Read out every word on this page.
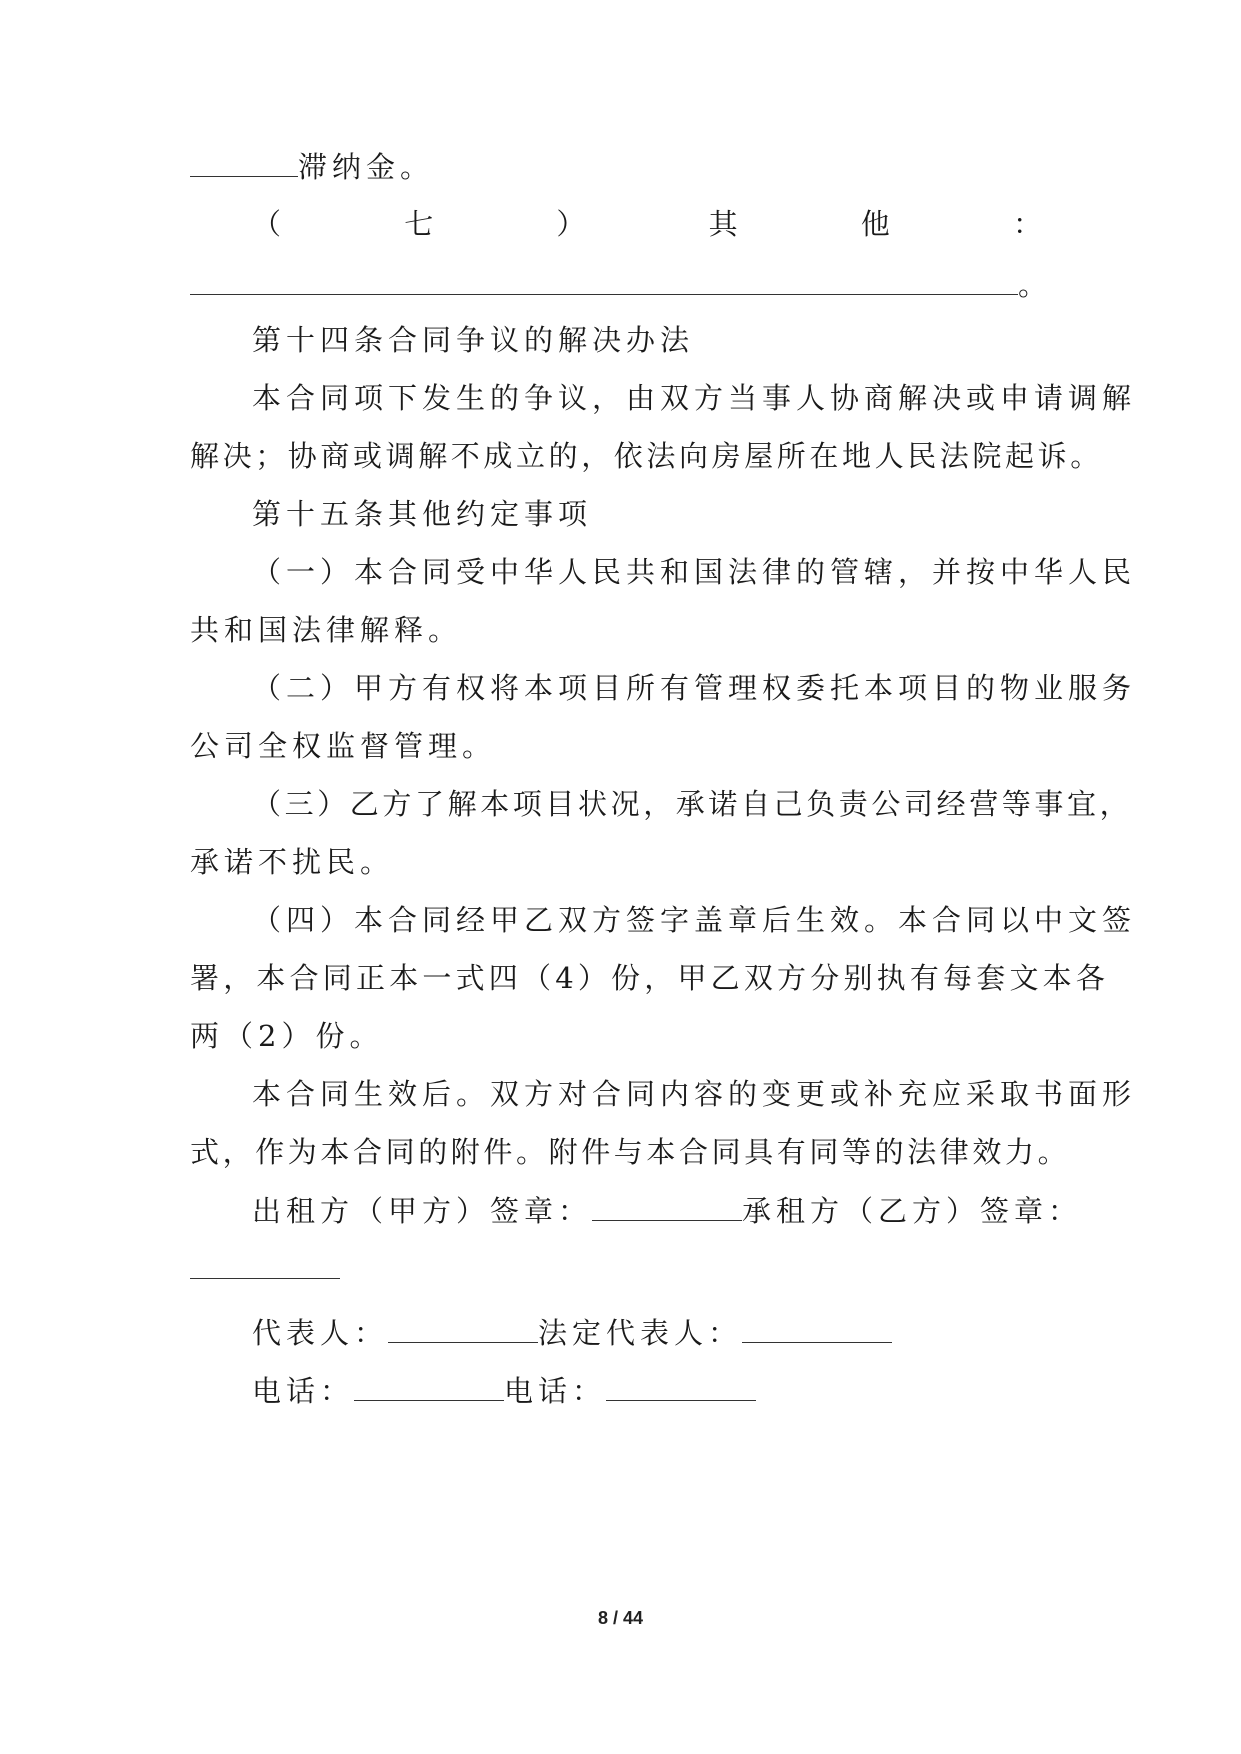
滞纳金。
（	七	）	其	他	：
。
第十四条合同争议的解决办法
本合同项下发生的争议，由双方当事人协商解决或申请调解
解决；协商或调解不成立的，依法向房屋所在地人民法院起诉。
第十五条其他约定事项
（一）本合同受中华人民共和国法律的管辖，并按中华人民
共和国法律解释。
（二）甲方有权将本项目所有管理权委托本项目的物业服务
公司全权监督管理。
（三）乙方了解本项目状况，承诺自己负责公司经营等事宜，
承诺不扰民。
（四）本合同经甲乙双方签字盖章后生效。本合同以中文签
署，本合同正本一式四（4）份，甲乙双方分别执有每套文本各
两（2）份。
本合同生效后。双方对合同内容的变更或补充应采取书面形
式，作为本合同的附件。附件与本合同具有同等的法律效力。
出租方（甲方）签章：	承租方（乙方）签章：
代表人：	法定代表人：
电话：	电话：
8 / 44
